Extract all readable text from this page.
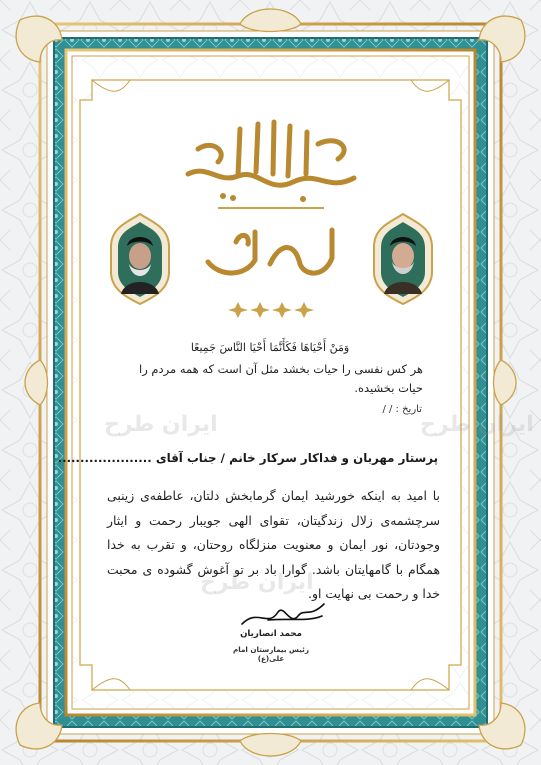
وَمَنْ أَحْيَاهَا فَكَأَنَّمَا أَحْيَا النَّاسَ جَمِيعًا
هر کس نفسی را حیات بخشد مثل آن است که همه مردم را حیات بخشیده.
تاریخ : / /
پرستار مهربان و فداکار سرکار خانم / جناب آقای .....................
با امید به اینکه خورشید ایمان گرمابخش دلتان، عاطفه‌ی زینبی سرچشمه‌ی زلال زندگیتان، تقوای الهی جویبار رحمت و ایثار وجودتان، نور ایمان و معنویت منزلگاه روحتان، و تقرب به خدا همگام با گامهایتان باشد. گوارا باد بر تو آغوش گشوده ی محبت خدا و رحمت بی نهایت او.
محمد انصاریان
رئیس بیمارستان امام علی(ع)
ایران طرح
ایران طرح
ایران طرح
